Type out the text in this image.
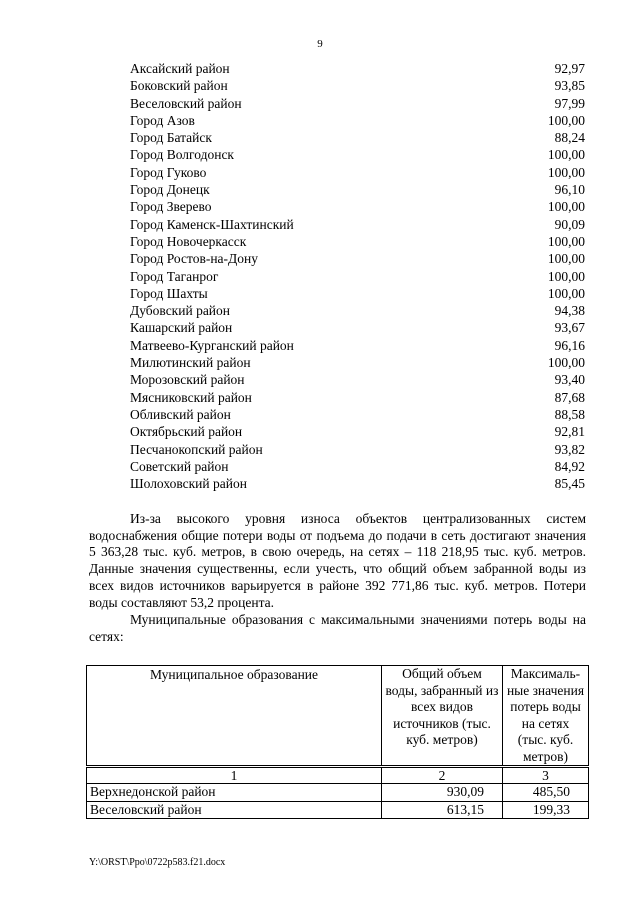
9
Аксайский район	92,97
Боковский район	93,85
Веселовский район	97,99
Город Азов	100,00
Город Батайск	88,24
Город Волгодонск	100,00
Город Гуково	100,00
Город Донецк	96,10
Город Зверево	100,00
Город Каменск-Шахтинский	90,09
Город Новочеркасск	100,00
Город Ростов-на-Дону	100,00
Город Таганрог	100,00
Город Шахты	100,00
Дубовский район	94,38
Кашарский район	93,67
Матвеево-Курганский район	96,16
Милютинский район	100,00
Морозовский район	93,40
Мясниковский район	87,68
Обливский район	88,58
Октябрьский район	92,81
Песчанокопский район	93,82
Советский район	84,92
Шолоховский район	85,45

Из-за высокого уровня износа объектов централизованных систем водоснабжения общие потери воды от подъема до подачи в сеть достигают значения 5 363,28 тыс. куб. метров, в свою очередь, на сетях – 118 218,95 тыс. куб. метров. Данные значения существенны, если учесть, что общий объем забранной воды из всех видов источников варьируется в районе 392 771,86 тыс. куб. метров. Потери воды составляют 53,2 процента.

Муниципальные образования с максимальными значениями потерь воды на сетях:

Муниципальное образование	Общий объем воды, забранный из всех видов источников (тыс. куб. метров)	Максималь-ные значения потерь воды на сетях (тыс. куб. метров)
1	2	3
Верхнедонской район	930,09	485,50
Веселовский район	613,15	199,33
Y:\ORST\Ppo\0722p583.f21.docx
